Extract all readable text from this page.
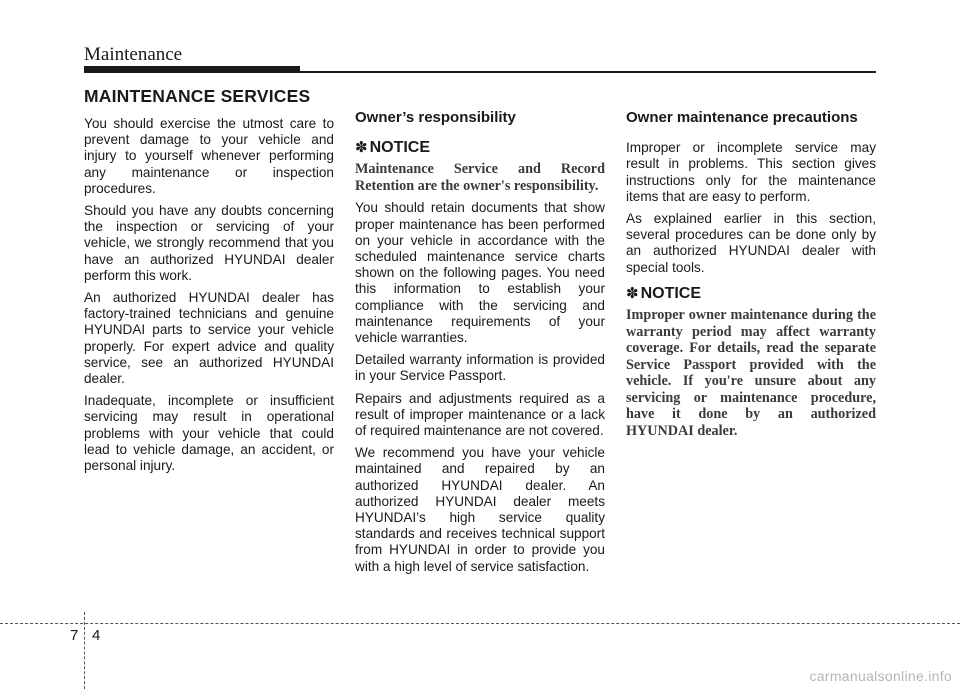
Maintenance
MAINTENANCE SERVICES

You should exercise the utmost care to prevent damage to your vehicle and injury to yourself whenever performing any maintenance or inspection procedures.

Should you have any doubts concerning the inspection or servicing of your vehicle, we strongly recommend that you have an authorized HYUNDAI dealer perform this work.

An authorized HYUNDAI dealer has factory-trained technicians and genuine HYUNDAI parts to service your vehicle properly. For expert advice and quality service, see an authorized HYUNDAI dealer.

Inadequate, incomplete or insufficient servicing may result in operational problems with your vehicle that could lead to vehicle damage, an accident, or personal injury.

Owner’s responsibility
✽ NOTICE

Maintenance Service and Record Retention are the owner's responsibility.

You should retain documents that show proper maintenance has been performed on your vehicle in accordance with the scheduled maintenance service charts shown on the following pages. You need this information to establish your compliance with the servicing and maintenance requirements of your vehicle warranties.

Detailed warranty information is provided in your Service Passport.

Repairs and adjustments required as a result of improper maintenance or a lack of required maintenance are not covered.

We recommend you have your vehicle maintained and repaired by an authorized HYUNDAI dealer. An authorized HYUNDAI dealer meets HYUNDAI’s high service quality standards and receives technical support from HYUNDAI in order to provide you with a high level of service satisfaction.

Owner maintenance precautions

Improper or incomplete service may result in problems. This section gives instructions only for the maintenance items that are easy to perform.

As explained earlier in this section, several procedures can be done only by an authorized HYUNDAI dealer with special tools.

✽ NOTICE

Improper owner maintenance during the warranty period may affect warranty coverage. For details, read the separate Service Passport provided with the vehicle. If you're unsure about any servicing or maintenance procedure, have it done by an authorized HYUNDAI dealer.

7 4
carmanualsonline.info
